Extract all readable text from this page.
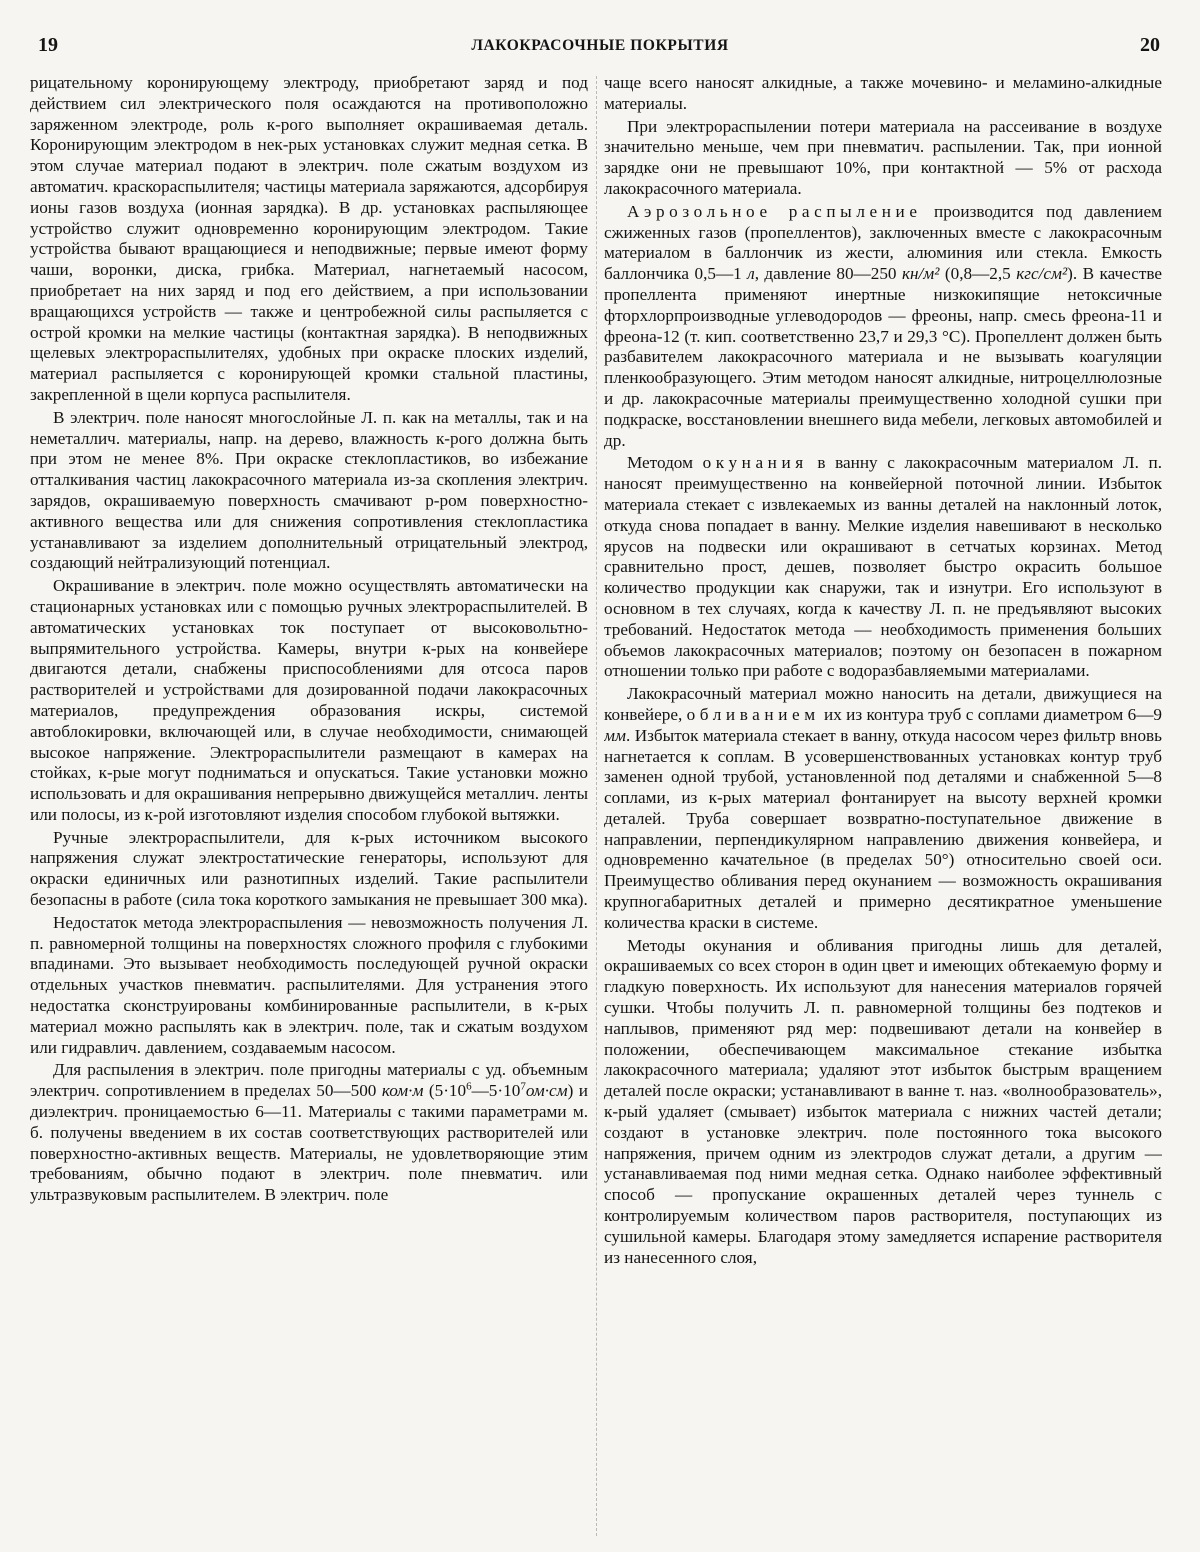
19	ЛАКОКРАСОЧНЫЕ ПОКРЫТИЯ	20

рицательному коронирующему электроду, приобретают заряд и под действием сил электрического поля осаждаются на противоположно заряженном электроде, роль к-рого выполняет окрашиваемая деталь. Коронирующим электродом в нек-рых установках служит медная сетка. В этом случае материал подают в электрич. поле сжатым воздухом из автоматич. краскораспылителя; частицы материала заряжаются, адсорбируя ионы газов воздуха (ионная зарядка). В др. установках распыляющее устройство служит одновременно коронирующим электродом. Такие устройства бывают вращающиеся и неподвижные; первые имеют форму чаши, воронки, диска, грибка. Материал, нагнетаемый насосом, приобретает на них заряд и под его действием, а при использовании вращающихся устройств — также и центробежной силы распыляется с острой кромки на мелкие частицы (контактная зарядка). В неподвижных щелевых электрораспылителях, удобных при окраске плоских изделий, материал распыляется с коронирующей кромки стальной пластины, закрепленной в щели корпуса распылителя.

В электрич. поле наносят многослойные Л. п. как на металлы, так и на неметаллич. материалы, напр. на дерево, влажность к-рого должна быть при этом не менее 8%. При окраске стеклопластиков, во избежание отталкивания частиц лакокрасочного материала из-за скопления электрич. зарядов, окрашиваемую поверхность смачивают р-ром поверхностно-активного вещества или для снижения сопротивления стеклопластика устанавливают за изделием дополнительный отрицательный электрод, создающий нейтрализующий потенциал.

Окрашивание в электрич. поле можно осуществлять автоматически на стационарных установках или с помощью ручных электрораспылителей. В автоматических установках ток поступает от высоковольтно-выпрямительного устройства. Камеры, внутри к-рых на конвейере двигаются детали, снабжены приспособлениями для отсоса паров растворителей и устройствами для дозированной подачи лакокрасочных материалов, предупреждения образования искры, системой автоблокировки, включающей или, в случае необходимости, снимающей высокое напряжение. Электрораспылители размещают в камерах на стойках, к-рые могут подниматься и опускаться. Такие установки можно использовать и для окрашивания непрерывно движущейся металлич. ленты или полосы, из к-рой изготовляют изделия способом глубокой вытяжки.

Ручные электрораспылители, для к-рых источником высокого напряжения служат электростатические генераторы, используют для окраски единичных или разнотипных изделий. Такие распылители безопасны в работе (сила тока короткого замыкания не превышает 300 мка).

Недостаток метода электрораспыления — невозможность получения Л. п. равномерной толщины на поверхностях сложного профиля с глубокими впадинами. Это вызывает необходимость последующей ручной окраски отдельных участков пневматич. распылителями. Для устранения этого недостатка сконструированы комбинированные распылители, в к-рых материал можно распылять как в электрич. поле, так и сжатым воздухом или гидравлич. давлением, создаваемым насосом.

Для распыления в электрич. поле пригодны материалы с уд. объемным электрич. сопротивлением в пределах 50—500 ком·м $(5\cdot 10^6—5\cdot 10^7ом\cdot см)$ и диэлектрич. проницаемостью 6—11. Материалы с такими параметрами м. б. получены введением в их состав соответствующих растворителей или поверхностно-активных веществ. Материалы, не удовлетворяющие этим требованиям, обычно подают в электрич. поле пневматич. или ультразвуковым распылителем. В электрич. поле

чаще всего наносят алкидные, а также мочевино- и меламино-алкидные материалы.

При электрораспылении потери материала на рассеивание в воздухе значительно меньше, чем при пневматич. распылении. Так, при ионной зарядке они не превышают 10%, при контактной — 5% от расхода лакокрасочного материала.

Аэрозольное распыление производится под давлением сжиженных газов (пропеллентов), заключенных вместе с лакокрасочным материалом в баллончик из жести, алюминия или стекла. Емкость баллончика 0,5—1 л, давление 80—250 кн/м² (0,8—2,5 кгс/см²). В качестве пропеллента применяют инертные низкокипящие нетоксичные фторхлорпроизводные углеводородов — фреоны, напр. смесь фреона-11 и фреона-12 (т. кип. соответственно 23,7 и 29,3 °С). Пропеллент должен быть разбавителем лакокрасочного материала и не вызывать коагуляции пленкообразующего. Этим методом наносят алкидные, нитроцеллюлозные и др. лакокрасочные материалы преимущественно холодной сушки при подкраске, восстановлении внешнего вида мебели, легковых автомобилей и др.

Методом окунания в ванну с лакокрасочным материалом Л. п. наносят преимущественно на конвейерной поточной линии. Избыток материала стекает с извлекаемых из ванны деталей на наклонный лоток, откуда снова попадает в ванну. Мелкие изделия навешивают в несколько ярусов на подвески или окрашивают в сетчатых корзинах. Метод сравнительно прост, дешев, позволяет быстро окрасить большое количество продукции как снаружи, так и изнутри. Его используют в основном в тех случаях, когда к качеству Л. п. не предъявляют высоких требований. Недостаток метода — необходимость применения больших объемов лакокрасочных материалов; поэтому он безопасен в пожарном отношении только при работе с водоразбавляемыми материалами.

Лакокрасочный материал можно наносить на детали, движущиеся на конвейере, обливанием их из контура труб с соплами диаметром 6—9 мм. Избыток материала стекает в ванну, откуда насосом через фильтр вновь нагнетается к соплам. В усовершенствованных установках контур труб заменен одной трубой, установленной под деталями и снабженной 5—8 соплами, из к-рых материал фонтанирует на высоту верхней кромки деталей. Труба совершает возвратно-поступательное движение в направлении, перпендикулярном направлению движения конвейера, и одновременно качательное (в пределах 50°) относительно своей оси. Преимущество обливания перед окунанием — возможность окрашивания крупногабаритных деталей и примерно десятикратное уменьшение количества краски в системе.

Методы окунания и обливания пригодны лишь для деталей, окрашиваемых со всех сторон в один цвет и имеющих обтекаемую форму и гладкую поверхность. Их используют для нанесения материалов горячей сушки. Чтобы получить Л. п. равномерной толщины без подтеков и наплывов, применяют ряд мер: подвешивают детали на конвейер в положении, обеспечивающем максимальное стекание избытка лакокрасочного материала; удаляют этот избыток быстрым вращением деталей после окраски; устанавливают в ванне т. наз. «волнообразователь», к-рый удаляет (смывает) избыток материала с нижних частей детали; создают в установке электрич. поле постоянного тока высокого напряжения, причем одним из электродов служат детали, а другим — устанавливаемая под ними медная сетка. Однако наиболее эффективный способ — пропускание окрашенных деталей через туннель с контролируемым количеством паров растворителя, поступающих из сушильной камеры. Благодаря этому замедляется испарение растворителя из нанесенного слоя,
